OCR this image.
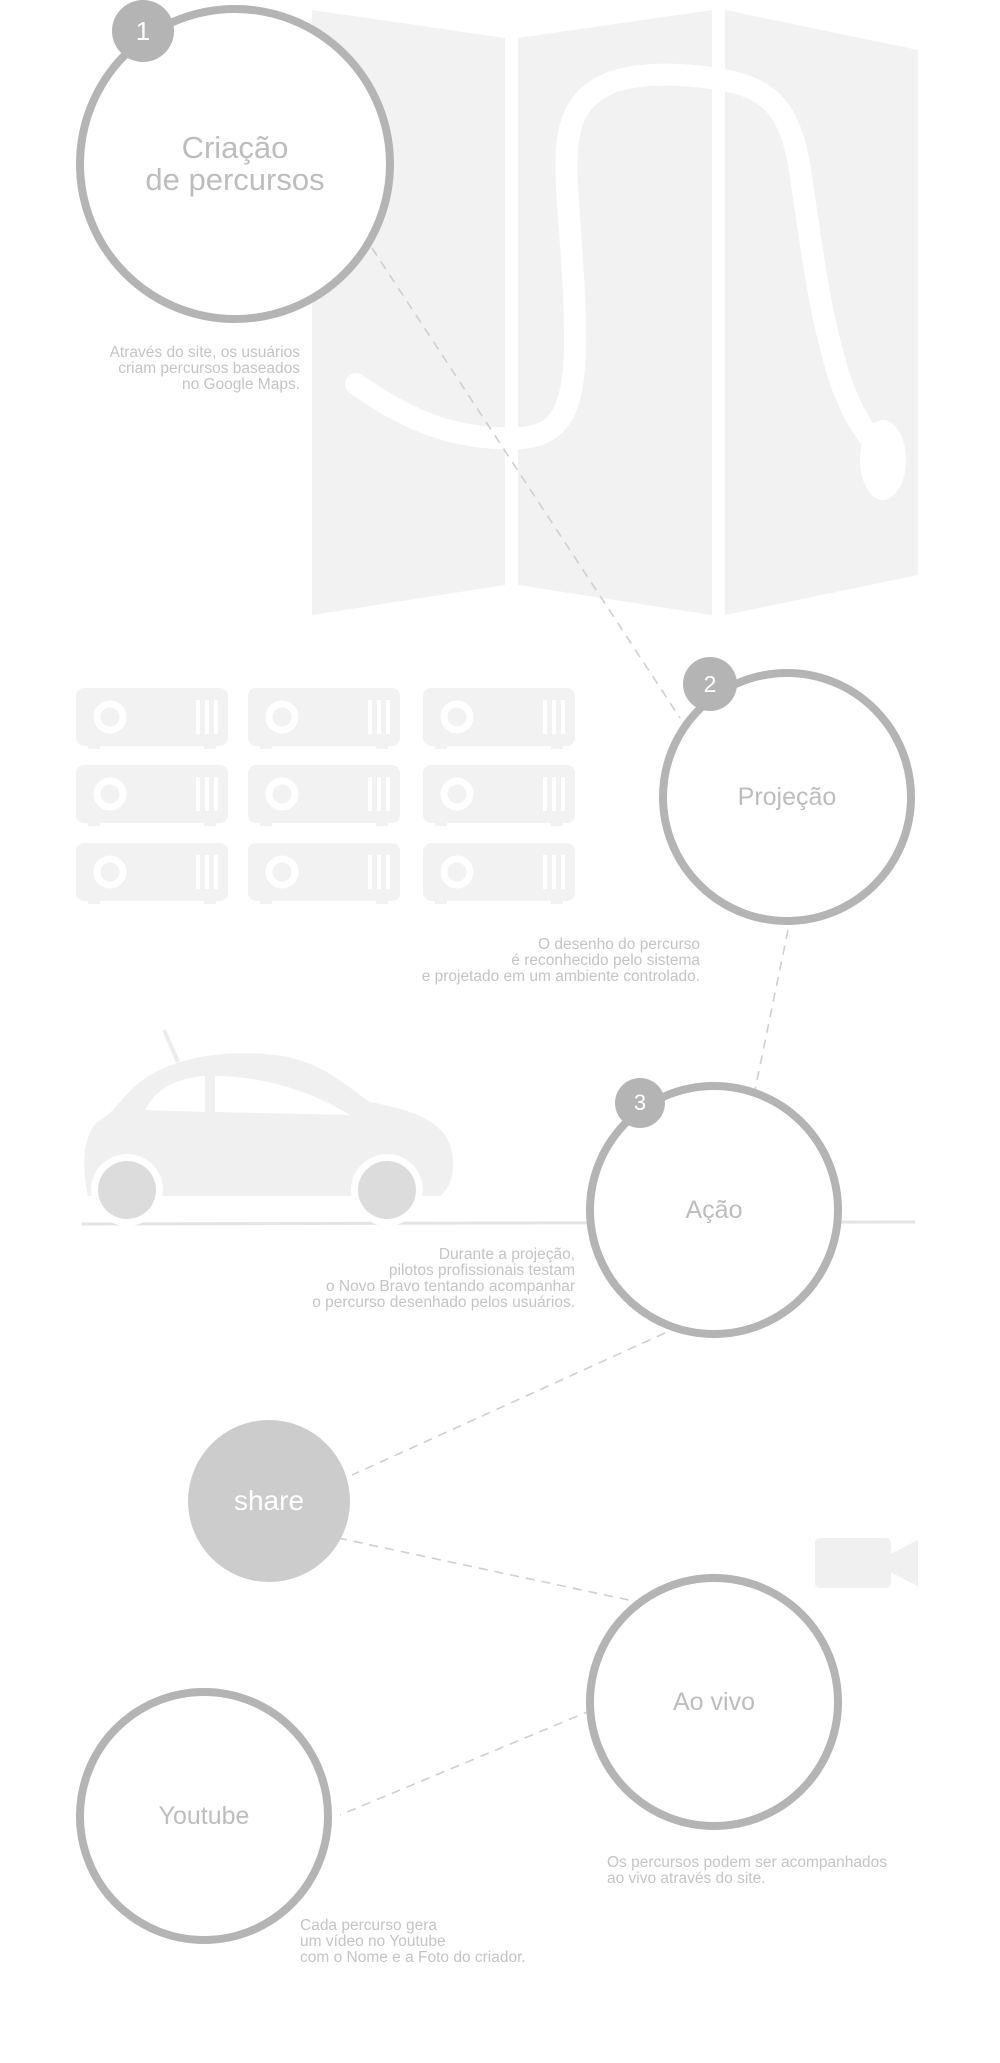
Criação
de percursos
1
Através do site, os usuários
criam percursos baseados
no Google Maps.
Projeção
2
O desenho do percurso
é reconhecido pelo sistema
e projetado em um ambiente controlado.
Ação
3
Durante a projeção,
pilotos profissionais testam
o Novo Bravo tentando acompanhar
o percurso desenhado pelos usuários.
share
Ao vivo
Os percursos podem ser acompanhados
ao vivo através do site.
Youtube
Cada percurso gera
um vídeo no Youtube
com o Nome e a Foto do criador.
